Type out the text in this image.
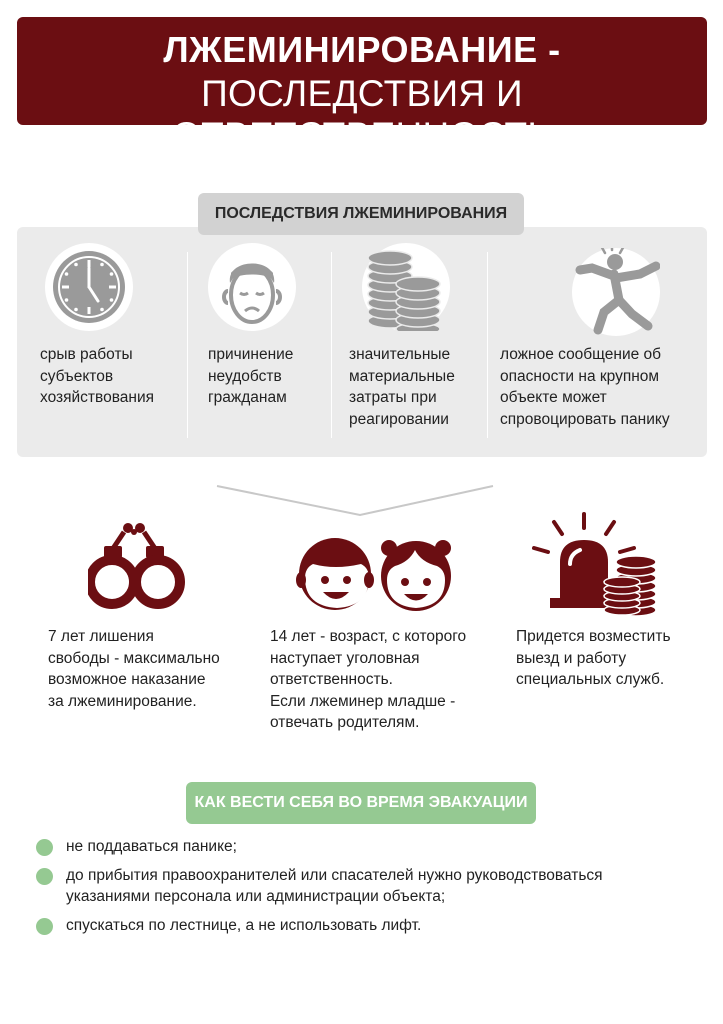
ЛЖЕМИНИРОВАНИЕ -
ПОСЛЕДСТВИЯ И ОТВЕТСТВЕННОСТЬ
ПОСЛЕДСТВИЯ ЛЖЕМИНИРОВАНИЯ
срыв работы
субъектов
хозяйствования
причинение
неудобств
гражданам
значительные
материальные
затраты при
реагировании
ложное сообщение об
опасности на крупном
объекте может
спровоцировать панику
7 лет лишения
свободы - максимально
возможное наказание
за лжеминирование.
14 лет - возраст, с которого
наступает уголовная
ответственность.
Если лжеминер младше -
отвечать родителям.
Придется возместить
выезд и работу
специальных служб.
КАК ВЕСТИ СЕБЯ ВО ВРЕМЯ ЭВАКУАЦИИ
не поддаваться панике;
до прибытия правоохранителей или спасателей нужно руководствоваться
указаниями персонала или администрации объекта;
спускаться по лестнице, а не использовать лифт.
